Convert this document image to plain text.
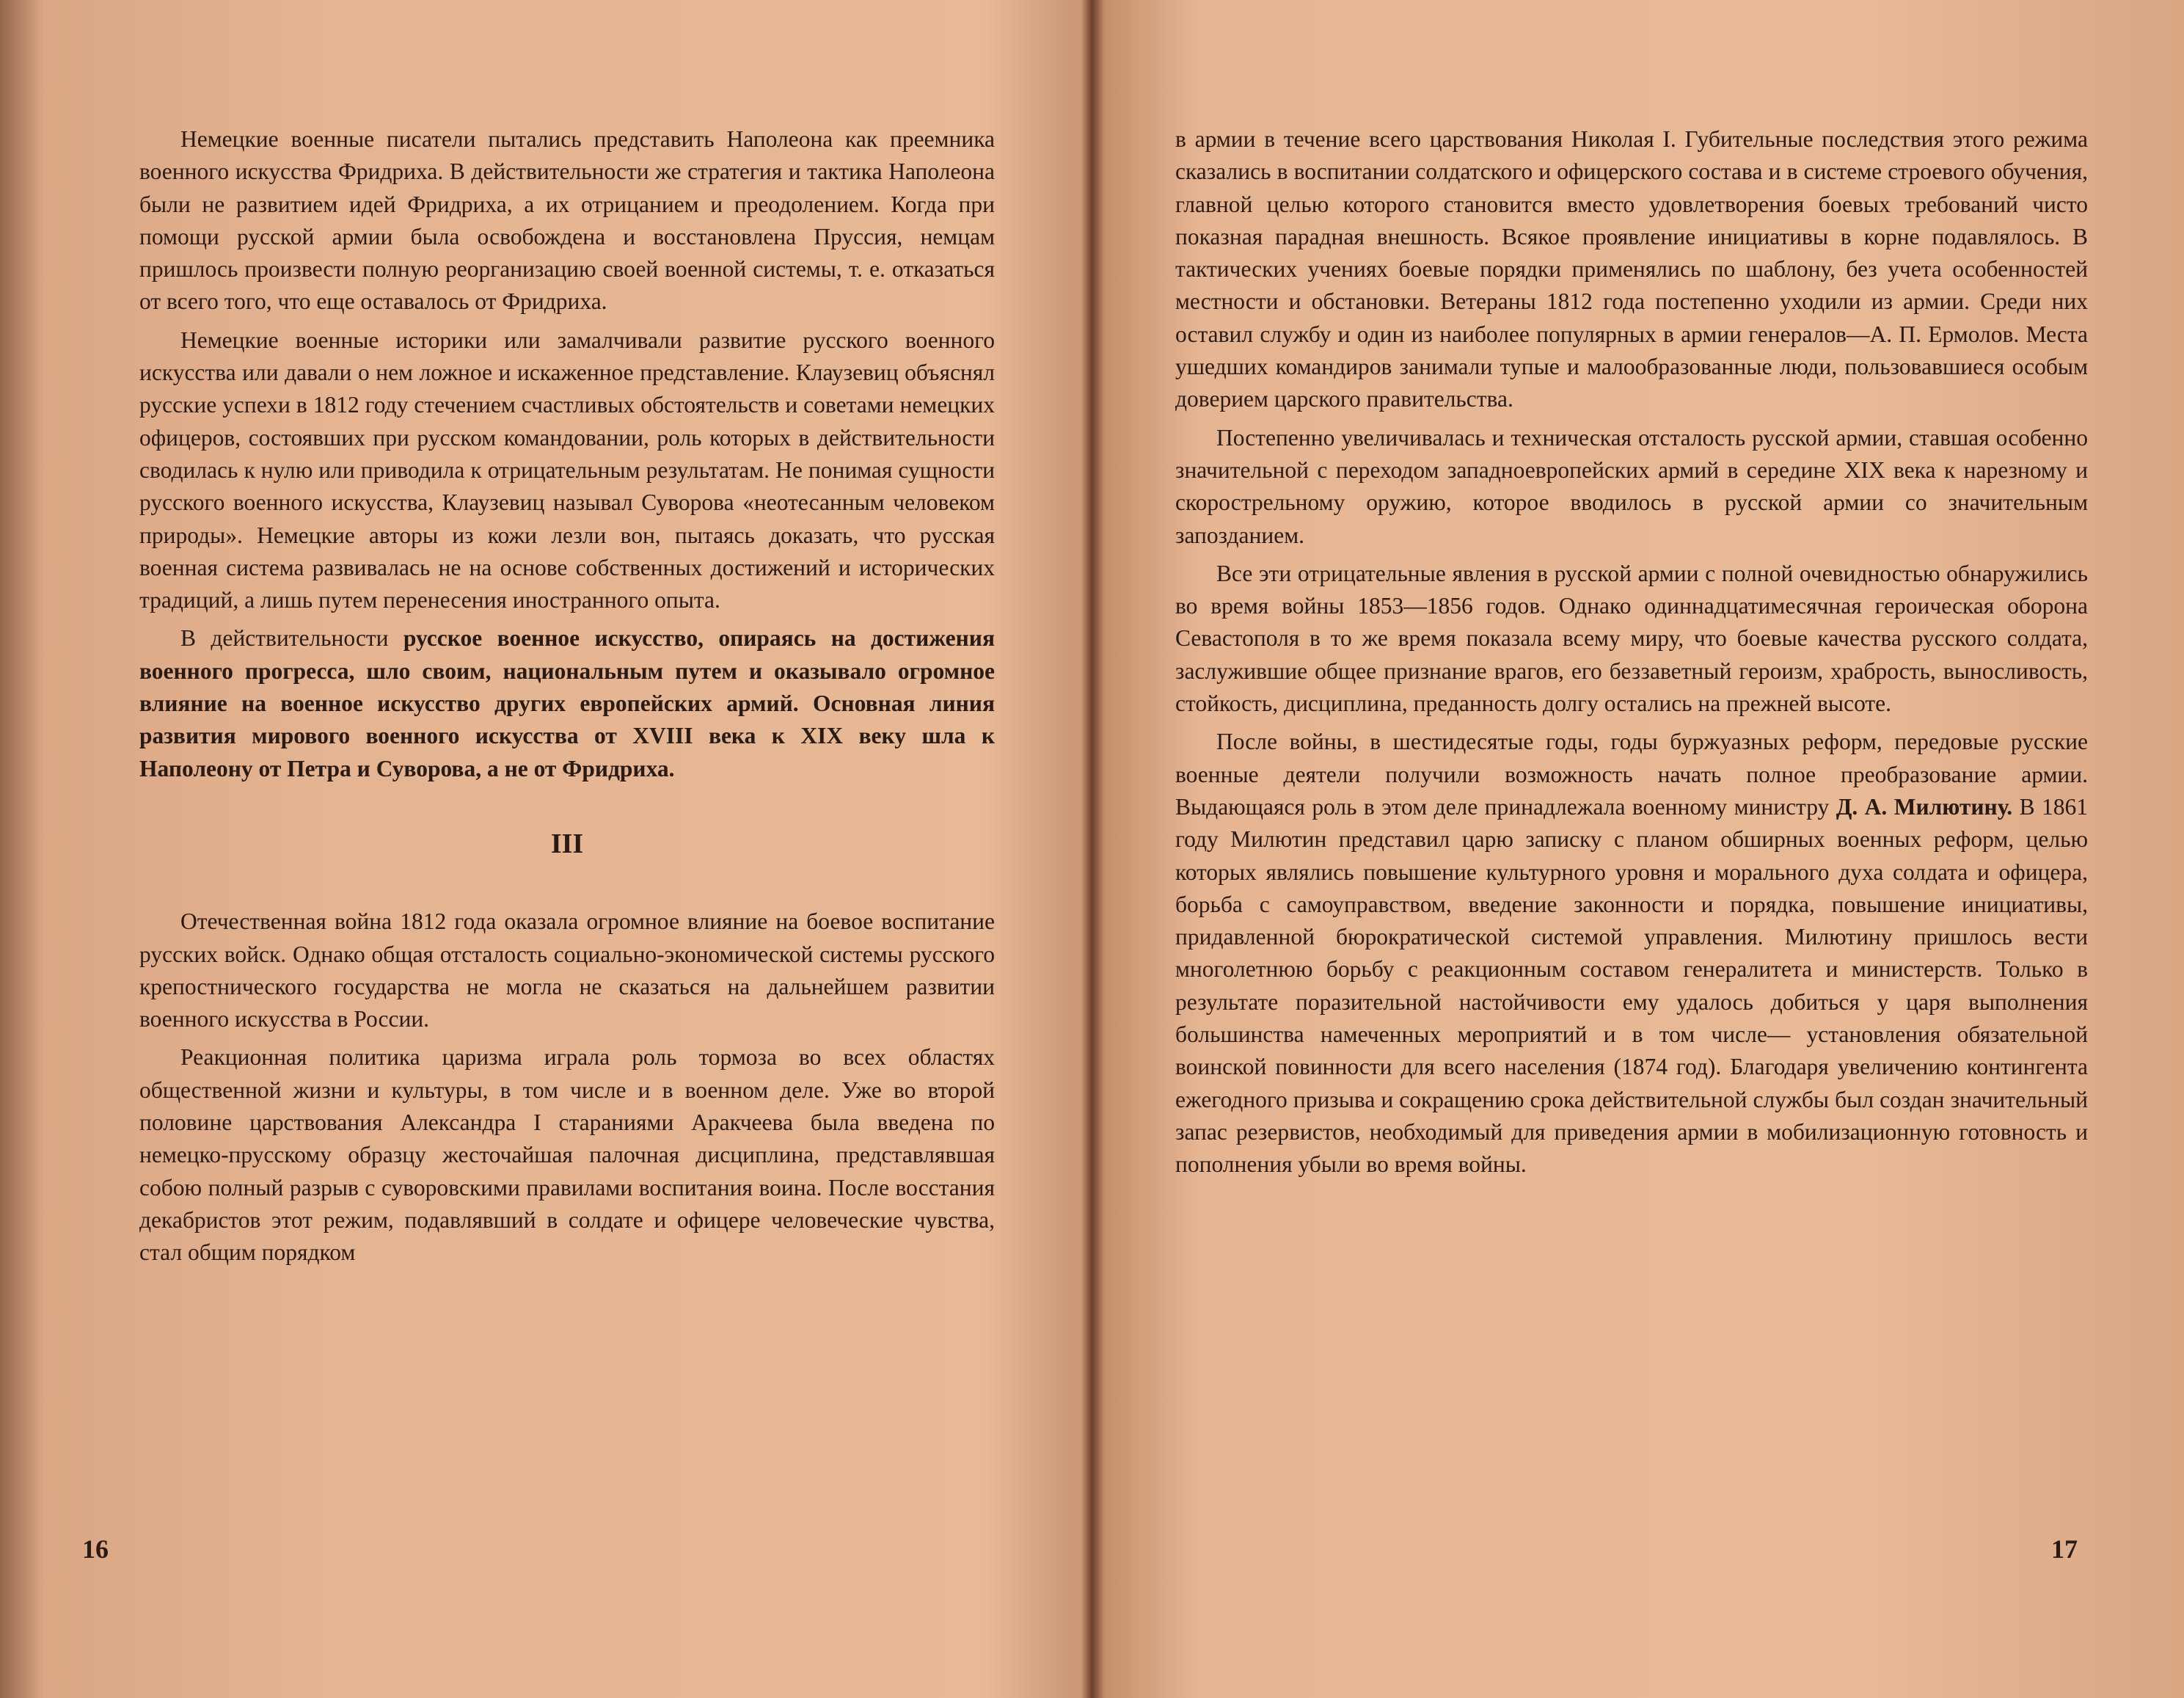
Немецкие военные писатели пытались представить Наполеона как преемника военного искусства Фридриха. В действительности же стратегия и тактика Наполеона были не развитием идей Фридриха, а их отрицанием и преодолением. Когда при помощи русской армии была освобождена и восстановлена Пруссия, немцам пришлось произвести полную реорганизацию своей военной системы, т. е. отказаться от всего того, что еще оставалось от Фридриха.

Немецкие военные историки или замалчивали развитие русского военного искусства или давали о нем ложное и искаженное представление. Клаузевиц объяснял русские успехи в 1812 году стечением счастливых обстоятельств и советами немецких офицеров, состоявших при русском командовании, роль которых в действительности сводилась к нулю или приводила к отрицательным результатам. Не понимая сущности русского военного искусства, Клаузевиц называл Суворова «неотесанным человеком природы». Немецкие авторы из кожи лезли вон, пытаясь доказать, что русская военная система развивалась не на основе собственных достижений и исторических традиций, а лишь путем перенесения иностранного опыта.

В действительности русское военное искусство, опираясь на достижения военного прогресса, шло своим, национальным путем и оказывало огромное влияние на военное искусство других европейских армий. Основная линия развития мирового военного искусства от XVIII века к XIX веку шла к Наполеону от Петра и Суворова, а не от Фридриха.

III

Отечественная война 1812 года оказала огромное влияние на боевое воспитание русских войск. Однако общая отсталость социально-экономической системы русского крепостнического государства не могла не сказаться на дальнейшем развитии военного искусства в России.

Реакционная политика царизма играла роль тормоза во всех областях общественной жизни и культуры, в том числе и в военном деле. Уже во второй половине царствования Александра I стараниями Аракчеева была введена по немецко-прусскому образцу жесточайшая палочная дисциплина, представлявшая собою полный разрыв с суворовскими правилами воспитания воина. После восстания декабристов этот режим, подавлявший в солдате и офицере человеческие чувства, стал общим порядком

16

в армии в течение всего царствования Николая I. Губительные последствия этого режима сказались в воспитании солдатского и офицерского состава и в системе строевого обучения, главной целью которого становится вместо удовлетворения боевых требований чисто показная парадная внешность. Всякое проявление инициативы в корне подавлялось. В тактических учениях боевые порядки применялись по шаблону, без учета особенностей местности и обстановки. Ветераны 1812 года постепенно уходили из армии. Среди них оставил службу и один из наиболее популярных в армии генералов—А. П. Ермолов. Места ушедших командиров занимали тупые и малообразованные люди, пользовавшиеся особым доверием царского правительства.

Постепенно увеличивалась и техническая отсталость русской армии, ставшая особенно значительной с переходом западноевропейских армий в середине XIX века к нарезному и скорострельному оружию, которое вводилось в русской армии со значительным запозданием.

Все эти отрицательные явления в русской армии с полной очевидностью обнаружились во время войны 1853—1856 годов. Однако одиннадцатимесячная героическая оборона Севастополя в то же время показала всему миру, что боевые качества русского солдата, заслужившие общее признание врагов, его беззаветный героизм, храбрость, выносливость, стойкость, дисциплина, преданность долгу остались на прежней высоте.

После войны, в шестидесятые годы, годы буржуазных реформ, передовые русские военные деятели получили возможность начать полное преобразование армии. Выдающаяся роль в этом деле принадлежала военному министру Д. А. Милютину. В 1861 году Милютин представил царю записку с планом обширных военных реформ, целью которых являлись повышение культурного уровня и морального духа солдата и офицера, борьба с самоуправством, введение законности и порядка, повышение инициативы, придавленной бюрократической системой управления. Милютину пришлось вести многолетнюю борьбу с реакционным составом генералитета и министерств. Только в результате поразительной настойчивости ему удалось добиться у царя выполнения большинства намеченных мероприятий и в том числе— установления обязательной воинской повинности для всего населения (1874 год). Благодаря увеличению контингента ежегодного призыва и сокращению срока действительной службы был создан значительный запас резервистов, необходимый для приведения армии в мобилизационную готовность и пополнения убыли во время войны.

17
